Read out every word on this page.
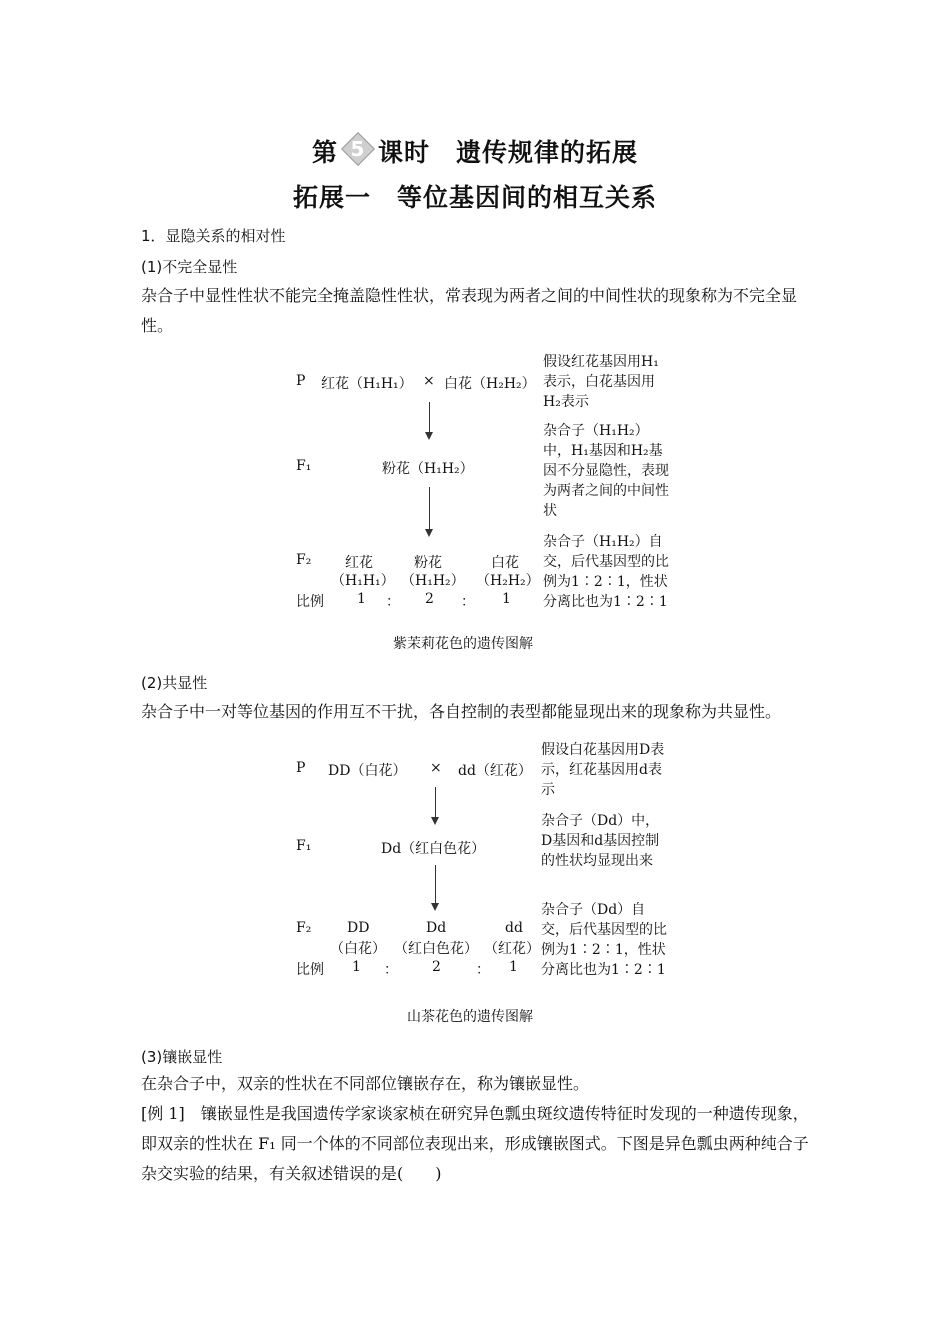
第 5 课时　遗传规律的拓展
拓展一　等位基因间的相互关系
1．显隐关系的相对性
(1)不完全显性
杂合子中显性性状不能完全掩盖隐性性状，常表现为两者之间的中间性状的现象称为不完全显性。
P 红花（H₁H₁） × 白花（H₂H₂）
F₁	粉花（H₁H₂）
F₂ 红花	粉花	白花
（H₁H₁） （H₁H₂） （H₂H₂）
比例 1 ： 2 ： 1
假设红花基因用H₁表示，白花基因用H₂表示
杂合子（H₁H₂）中，H₁基因和H₂基因不分显隐性，表现为两者之间的中间性状
杂合子（H₁H₂）自交，后代基因型的比例为1∶2∶1，性状分离比也为1∶2∶1
紫茉莉花色的遗传图解
(2)共显性
杂合子中一对等位基因的作用互不干扰，各自控制的表型都能显现出来的现象称为共显性。
P DD（白花） × dd（红花）
F₁	Dd（红白色花）
F₂	DD	Dd	dd
（白花） （红白色花） （红花）
比例 1 ： 2	： 1
假设白花基因用D表示，红花基因用d表示
杂合子（Dd）中，D基因和d基因控制的性状均显现出来
杂合子（Dd）自交，后代基因型的比例为1∶2∶1，性状分离比也为1∶2∶1
山茶花色的遗传图解
(3)镶嵌显性
在杂合子中，双亲的性状在不同部位镶嵌存在，称为镶嵌显性。
[例 1]　镶嵌显性是我国遗传学家谈家桢在研究异色瓢虫斑纹遗传特征时发现的一种遗传现象，即双亲的性状在 F₁ 同一个体的不同部位表现出来，形成镶嵌图式。下图是异色瓢虫两种纯合子杂交实验的结果，有关叙述错误的是(　　)
